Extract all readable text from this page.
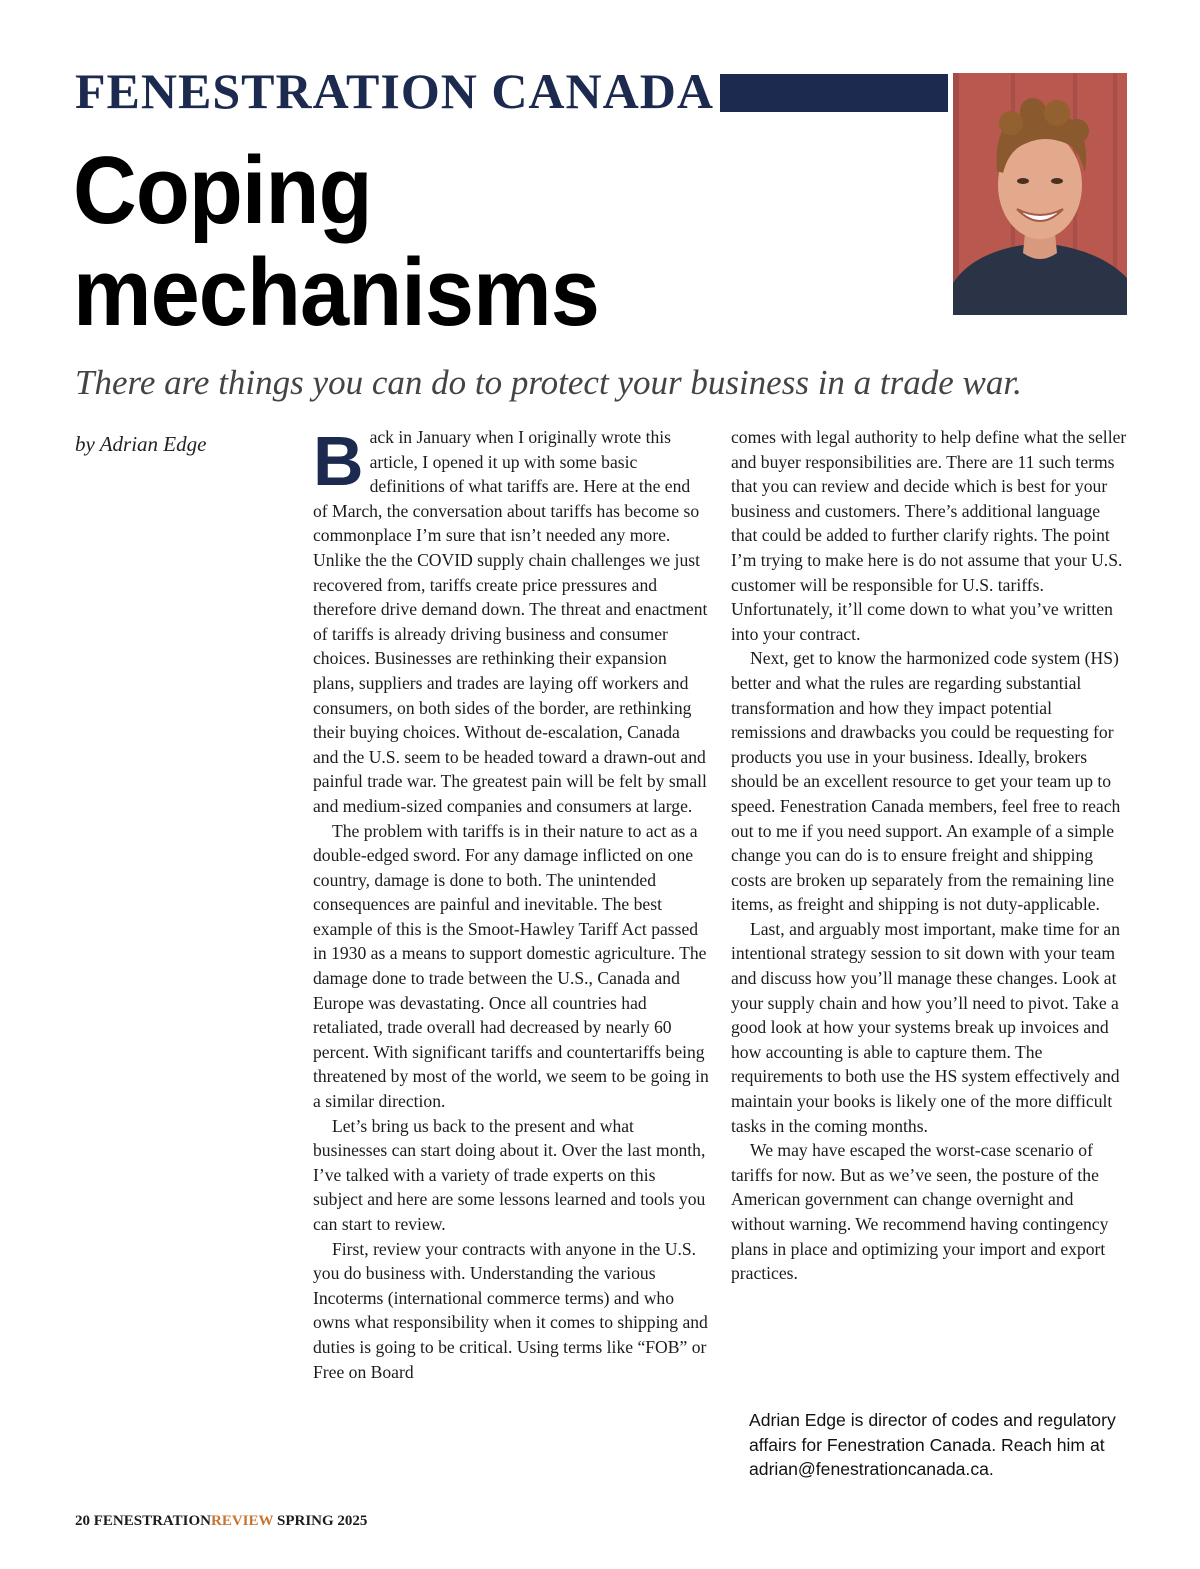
FENESTRATION CANADA
Coping
mechanisms
There are things you can do to protect your business in a trade war.
by Adrian Edge Back in January when I originally wrote this article, I opened it up with some basic definitions of what tariffs are. Here at the end of March, the conversation about tariffs has become so commonplace I’m sure that isn’t needed any more. Unlike the the COVID supply chain challenges we just recovered from, tariffs create price pressures and therefore drive demand down. The threat and enactment of tariffs is already driving business and consumer choices. Businesses are rethinking their expansion plans, suppliers and trades are laying off workers and consumers, on both sides of the border, are rethinking their buying choices. Without de-escalation, Canada and the U.S. seem to be headed toward a drawn-out and painful trade war. The greatest pain will be felt by small and medium-sized companies and consumers at large.

The problem with tariffs is in their nature to act as a double-edged sword. For any damage inflicted on one country, damage is done to both. The unintended consequences are painful and inevitable. The best example of this is the Smoot-Hawley Tariff Act passed in 1930 as a means to support domestic agriculture. The damage done to trade between the U.S., Canada and Europe was devastating. Once all countries had retaliated, trade overall had decreased by nearly 60 percent. With significant tariffs and countertariffs being threatened by most of the world, we seem to be going in a similar direction.

Let’s bring us back to the present and what businesses can start doing about it. Over the last month, I’ve talked with a variety of trade experts on this subject and here are some lessons learned and tools you can start to review.

First, review your contracts with anyone in the U.S. you do business with. Understanding the various Incoterms (international commerce terms) and who owns what responsibility when it comes to shipping and duties is going to be critical. Using terms like “FOB” or Free on Board

comes with legal authority to help define what the seller and buyer responsibilities are. There are 11 such terms that you can review and decide which is best for your business and customers. There’s additional language that could be added to further clarify rights. The point I’m trying to make here is do not assume that your U.S. customer will be responsible for U.S. tariffs. Unfortunately, it’ll come down to what you’ve written into your contract.

Next, get to know the harmonized code system (HS) better and what the rules are regarding substantial transformation and how they impact potential remissions and drawbacks you could be requesting for products you use in your business. Ideally, brokers should be an excellent resource to get your team up to speed. Fenestration Canada members, feel free to reach out to me if you need support. An example of a simple change you can do is to ensure freight and shipping costs are broken up separately from the remaining line items, as freight and shipping is not duty-applicable.

Last, and arguably most important, make time for an intentional strategy session to sit down with your team and discuss how you’ll manage these changes. Look at your supply chain and how you’ll need to pivot. Take a good look at how your systems break up invoices and how accounting is able to capture them. The requirements to both use the HS system effectively and maintain your books is likely one of the more difficult tasks in the coming months.

We may have escaped the worst-case scenario of tariffs for now. But as we’ve seen, the posture of the American government can change overnight and without warning. We recommend having contingency plans in place and optimizing your import and export practices.

Adrian Edge is director of codes and regulatory affairs for Fenestration Canada. Reach him at adrian@fenestrationcanada.ca.
20 FENESTRATIONREVIEW SPRING 2025
